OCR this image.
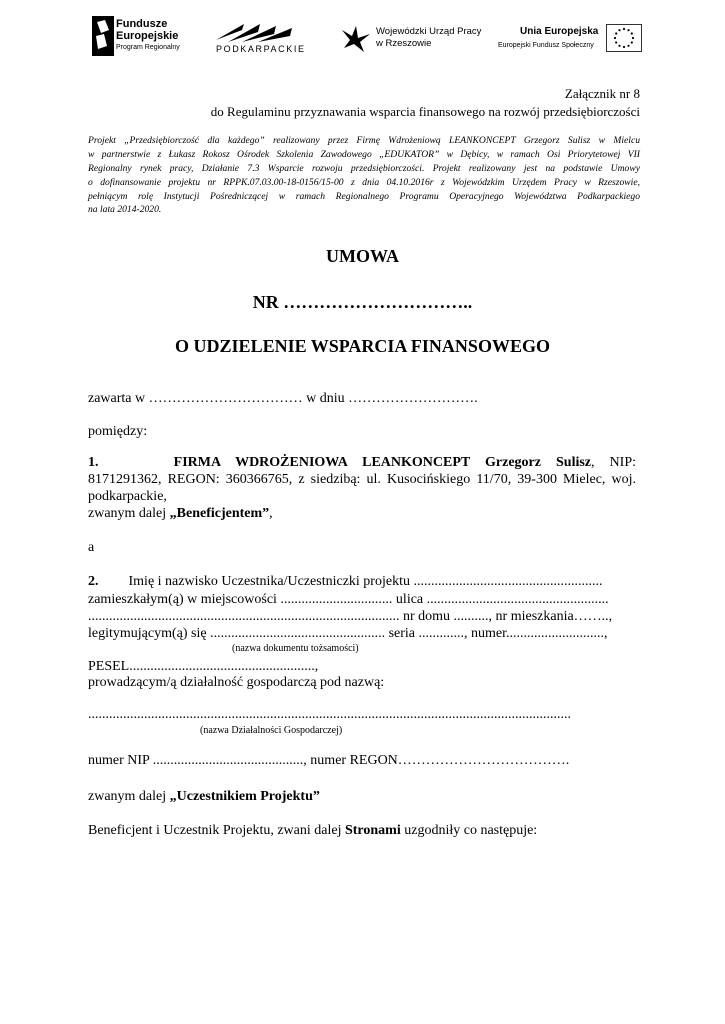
Fundusze
Europejskie
Program Regionalny	PODKARPACKIE
Wojewódzki Urząd Pracy
w Rzeszowie
Unia Europejska
Europejski Fundusz Społeczny
Załącznik nr 8
do Regulaminu przyznawania wsparcia finansowego na rozwój przedsiębiorczości
Projekt „Przedsiębiorczość dla każdego” realizowany przez Firmę Wdrożeniową LEANKONCEPT Grzegorz Sulisz w Mielcu
w partnerstwie z Łukasz Rokosz Ośrodek Szkolenia Zawodowego „EDUKATOR” w Dębicy, w ramach Osi Priorytetowej VII
Regionalny rynek pracy, Działanie 7.3 Wsparcie rozwoju przedsiębiorczości. Projekt realizowany jest na podstawie Umowy
o dofinansowanie projektu nr RPPK.07.03.00-18-0156/15-00 z dnia 04.10.2016r z Wojewódzkim Urzędem Pracy w Rzeszowie,
pełniącym rolę Instytucji Pośredniczącej w ramach Regionalnego Programu Operacyjnego Województwa Podkarpackiego
na lata 2014-2020.
UMOWA
NR …………………………..
O UDZIELENIE WSPARCIA FINANSOWEGO
zawarta w …………………………… w dniu ……………………….
pomiędzy:
1.	FIRMA WDROŻENIOWA LEANKONCEPT Grzegorz Sulisz, NIP:
8171291362, REGON: 360366765, z siedzibą: ul. Kusocińskiego 11/70, 39-300 Mielec, woj.
podkarpackie,
zwanym dalej „Beneficjentem”,
a
2. Imię i nazwisko Uczestnika/Uczestniczki projektu ......................................................
zamieszkałym(ą) w miejscowości ................................ ulica ....................................................
......................................................................................... nr domu .........., nr mieszkania……..,
legitymującym(ą) się .................................................. seria ............., numer............................,
(nazwa dokumentu tożsamości)
PESEL.....................................................,
prowadzącym/ą działalność gospodarczą pod nazwą:
..........................................................................................................................................
(nazwa Działalności Gospodarczej)
numer NIP ..........................................., numer REGON……………………………….
zwanym dalej „Uczestnikiem Projektu”
Beneficjent i Uczestnik Projektu, zwani dalej Stronami uzgodniły co następuje:
